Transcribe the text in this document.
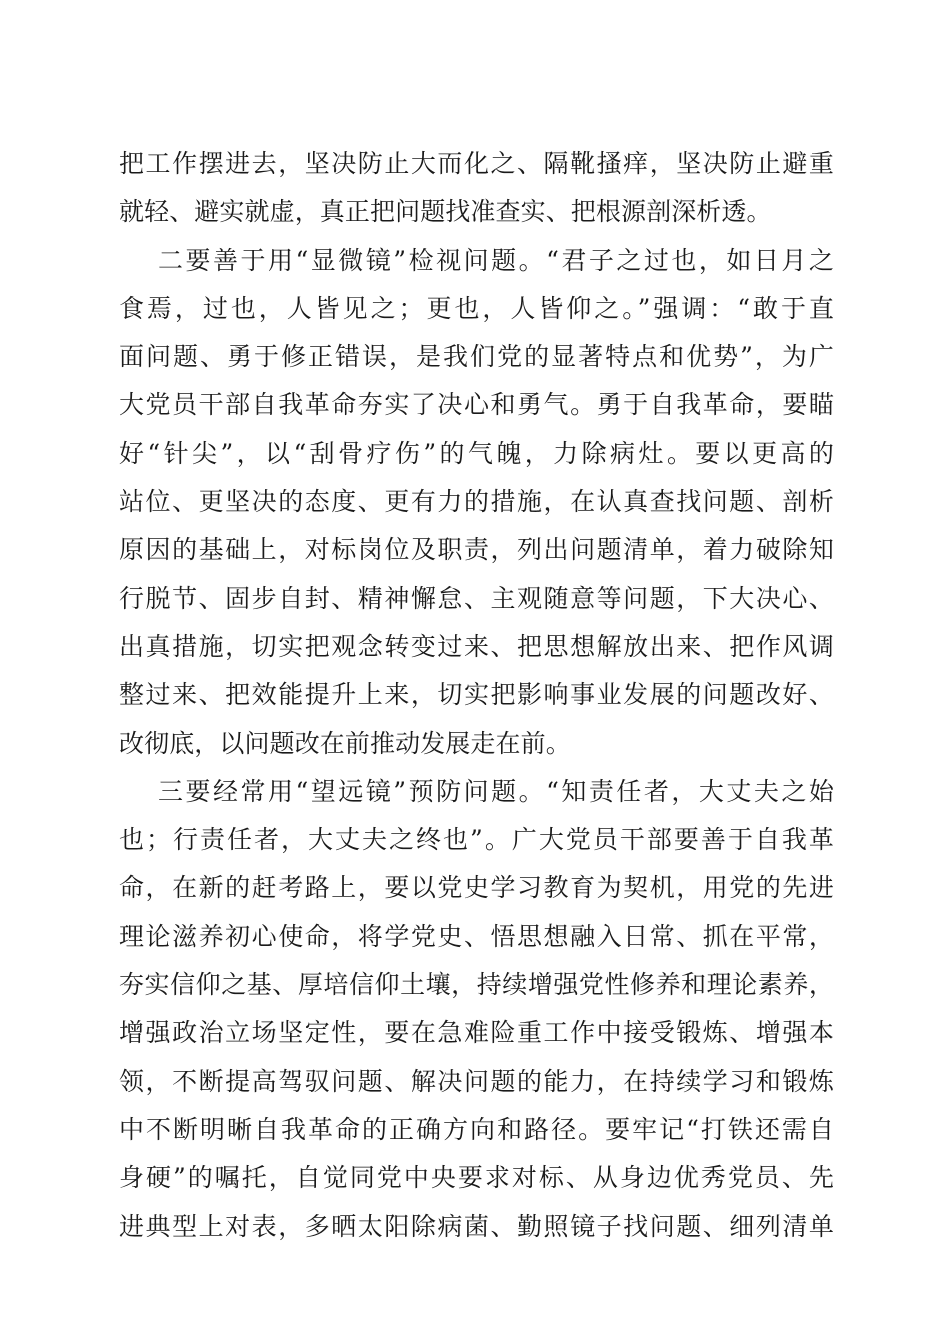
把工作摆进去，坚决防止大而化之、隔靴搔痒，坚决防止避重
就轻、避实就虚，真正把问题找准查实、把根源剖深析透。
二要善于用“显微镜”检视问题。“君子之过也，如日月之
食焉，过也，人皆见之；更也，人皆仰之。”强调：“敢于直
面问题、勇于修正错误，是我们党的显著特点和优势”，为广
大党员干部自我革命夯实了决心和勇气。勇于自我革命，要瞄
好“针尖”，以“刮骨疗伤”的气魄，力除病灶。要以更高的
站位、更坚决的态度、更有力的措施，在认真查找问题、剖析
原因的基础上，对标岗位及职责，列出问题清单，着力破除知
行脱节、固步自封、精神懈怠、主观随意等问题，下大决心、
出真措施，切实把观念转变过来、把思想解放出来、把作风调
整过来、把效能提升上来，切实把影响事业发展的问题改好、
改彻底，以问题改在前推动发展走在前。
三要经常用“望远镜”预防问题。“知责任者，大丈夫之始
也；行责任者，大丈夫之终也”。广大党员干部要善于自我革
命，在新的赶考路上，要以党史学习教育为契机，用党的先进
理论滋养初心使命，将学党史、悟思想融入日常、抓在平常，
夯实信仰之基、厚培信仰土壤，持续增强党性修养和理论素养，
增强政治立场坚定性，要在急难险重工作中接受锻炼、增强本
领，不断提高驾驭问题、解决问题的能力，在持续学习和锻炼
中不断明晰自我革命的正确方向和路径。要牢记“打铁还需自
身硬”的嘱托，自觉同党中央要求对标、从身边优秀党员、先
进典型上对表，多晒太阳除病菌、勤照镜子找问题、细列清单
